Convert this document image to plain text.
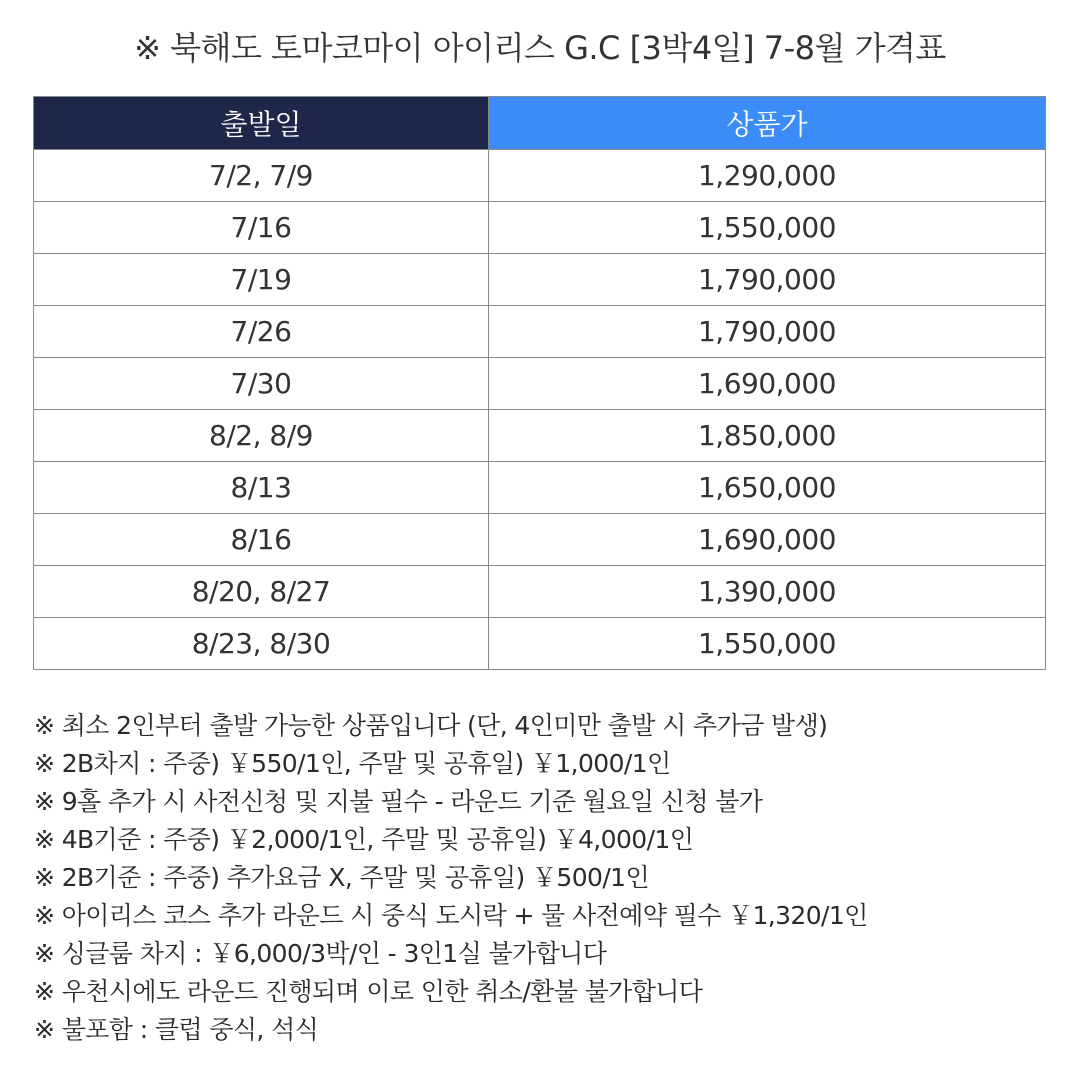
※ 북해도 토마코마이 아이리스 G.C [3박4일] 7-8월 가격표
출발일	상품가
7/2, 7/9	1,290,000
7/16	1,550,000
7/19	1,790,000
7/26	1,790,000
7/30	1,690,000
8/2, 8/9	1,850,000
8/13	1,650,000
8/16	1,690,000
8/20, 8/27	1,390,000
8/23, 8/30	1,550,000
※ 최소 2인부터 출발 가능한 상품입니다 (단, 4인미만 출발 시 추가금 발생)
※ 2B차지 : 주중) ￥550/1인, 주말 및 공휴일) ￥1,000/1인
※ 9홀 추가 시 사전신청 및 지불 필수 - 라운드 기준 월요일 신청 불가
※ 4B기준 : 주중) ￥2,000/1인, 주말 및 공휴일) ￥4,000/1인
※ 2B기준 : 주중) 추가요금 X, 주말 및 공휴일) ￥500/1인
※ 아이리스 코스 추가 라운드 시 중식 도시락 + 물 사전예약 필수 ￥1,320/1인
※ 싱글룸 차지 : ￥6,000/3박/인 - 3인1실 불가합니다
※ 우천시에도 라운드 진행되며 이로 인한 취소/환불 불가합니다
※ 불포함 : 클럽 중식, 석식
